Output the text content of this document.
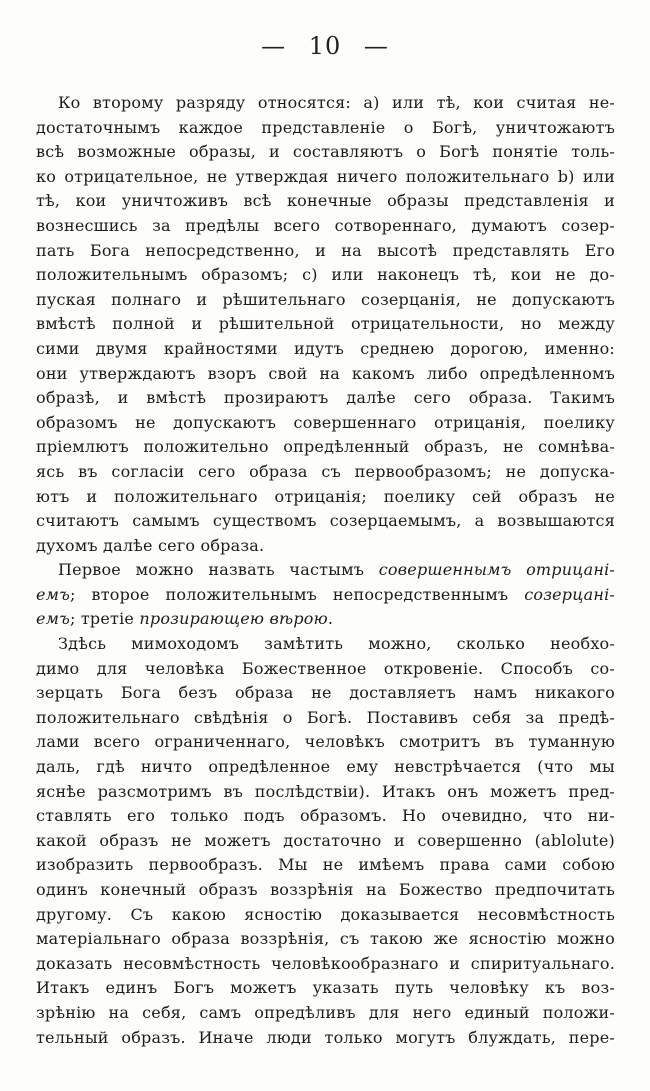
— 10 —
Ко второму разряду относятся: а) или тѣ, кои считая не-
достаточнымъ каждое представленіе о Богѣ, уничтожаютъ
всѣ возможные образы, и составляютъ о Богѣ понятіе толь-
ко отрицательное, не утверждая ничего положительнаго b) или
тѣ, кои уничтоживъ всѣ конечные образы представленія и
вознесшись за предѣлы всего сотвореннаго, думаютъ созер-
пать Бога непосредственно, и на высотѣ представлять Его
положительнымъ образомъ; с) или наконецъ тѣ, кои не до-
пуская полнаго и рѣшительнаго созерцанія, не допускаютъ
вмѣстѣ полной и рѣшительной отрицательности, но между
сими двумя крайностями идутъ среднею дорогою, именно:
они утверждаютъ взоръ свой на какомъ либо опредѣленномъ
образѣ, и вмѣстѣ прозираютъ далѣе сего образа. Такимъ
образомъ не допускаютъ совершеннаго отрицанія, поелику
пріемлютъ положительно опредѣленный образъ, не сомнѣва-
ясь въ согласіи сего образа съ первообразомъ; не допуска-
ютъ и положительнаго отрицанія; поелику сей образъ не
считаютъ самымъ существомъ созерцаемымъ, а возвышаются
духомъ далѣе сего образа.
Первое можно назвать частымъ совершеннымъ отрицані-
емъ; второе положительнымъ непосредственнымъ созерцані-
емъ; третіе прозирающею вѣрою.
Здѣсь мимоходомъ замѣтить можно, сколько необхо-
димо для человѣка Божественное откровеніе. Способъ со-
зерцать Бога безъ образа не доставляетъ намъ никакого
положительнаго свѣдѣнія о Богѣ. Поставивъ себя за предѣ-
лами всего ограниченнаго, человѣкъ смотритъ въ туманную
даль, гдѣ ничто опредѣленное ему невстрѣчается (что мы
яснѣе разсмотримъ въ послѣдствіи). Итакъ онъ можетъ пред-
ставлять его только подъ образомъ. Но очевидно, что ни-
какой образъ не можетъ достаточно и совершенно (ablolute)
изобразить первообразъ. Мы не имѣемъ права сами собою
одинъ конечный образъ воззрѣнія на Божество предпочитать
другому. Съ какою ясностію доказывается несовмѣстность
матеріальнаго образа воззрѣнія, съ такою же ясностію можно
доказать несовмѣстность человѣкообразнаго и спиритуальнаго.
Итакъ единъ Богъ можетъ указать путь человѣку къ воз-
зрѣнію на себя, самъ опредѣливъ для него единый положи-
тельный образъ. Иначе люди только могутъ блуждать, пере-
